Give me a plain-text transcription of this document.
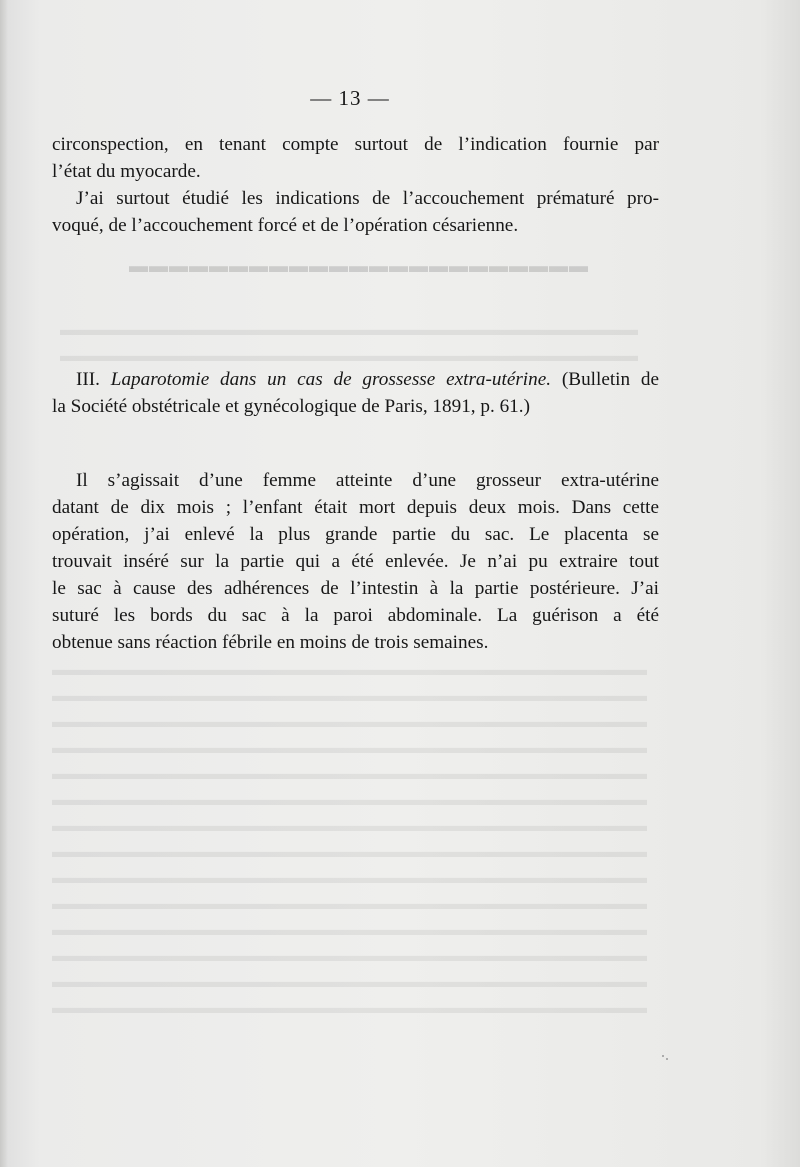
▬▬▬▬▬▬▬▬▬▬▬▬▬▬▬▬▬▬▬▬▬▬▬
▬▬▬▬▬▬▬▬▬▬▬▬▬▬▬▬▬▬▬▬▬▬▬▬▬▬▬▬▬▬▬▬▬▬
▬▬▬▬▬▬▬▬▬▬▬▬▬▬▬▬▬▬▬▬▬▬▬▬▬▬▬▬▬▬▬▬▬▬
▬▬▬▬▬▬▬▬▬▬▬▬▬▬▬▬▬▬▬▬▬▬▬▬▬▬▬▬▬▬▬▬▬▬▬
▬▬▬▬▬▬▬▬▬▬▬▬▬▬▬▬▬▬▬▬▬▬▬▬▬▬▬▬▬▬▬▬▬▬▬
▬▬▬▬▬▬▬▬▬▬▬▬▬▬▬▬▬▬▬▬▬▬▬▬▬▬▬▬▬▬▬▬▬▬▬
▬▬▬▬▬▬▬▬▬▬▬▬▬▬▬▬▬▬▬▬▬▬▬▬▬▬▬▬▬▬▬▬▬▬▬
▬▬▬▬▬▬▬▬▬▬▬▬▬▬▬▬▬▬▬▬▬▬▬▬▬▬▬▬▬▬▬▬▬▬▬
▬▬▬▬▬▬▬▬▬▬▬▬▬▬▬▬▬▬▬▬▬▬▬▬▬▬▬▬▬▬▬▬▬▬▬
▬▬▬▬▬▬▬▬▬▬▬▬▬▬▬▬▬▬▬▬▬▬▬▬▬▬▬▬▬▬▬▬▬▬▬
▬▬▬▬▬▬▬▬▬▬▬▬▬▬▬▬▬▬▬▬▬▬▬▬▬▬▬▬▬▬▬▬▬▬▬
▬▬▬▬▬▬▬▬▬▬▬▬▬▬▬▬▬▬▬▬▬▬▬▬▬▬▬▬▬▬▬▬▬▬▬
▬▬▬▬▬▬▬▬▬▬▬▬▬▬▬▬▬▬▬▬▬▬▬▬▬▬▬▬▬▬▬▬▬▬▬
▬▬▬▬▬▬▬▬▬▬▬▬▬▬▬▬▬▬▬▬▬▬▬▬▬▬▬▬▬▬▬▬▬▬▬
▬▬▬▬▬▬▬▬▬▬▬▬▬▬▬▬▬▬▬▬▬▬▬▬▬▬▬▬▬▬▬▬▬▬▬
▬▬▬▬▬▬▬▬▬▬▬▬▬▬▬▬▬▬▬▬▬▬▬▬▬▬▬▬▬▬▬▬▬▬▬
▬▬▬▬▬▬▬▬▬▬▬▬▬▬▬▬▬▬▬▬▬▬▬▬▬▬▬▬▬▬▬▬▬▬▬
— 13 —
circonspection, en tenant compte surtout de l’indication fournie par
l’état du myocarde.
J’ai surtout étudié les indications de l’accouchement prématuré pro-
voqué, de l’accouchement forcé et de l’opération césarienne.
III. Laparotomie dans un cas de grossesse extra-utérine. (Bulletin de
la Société obstétricale et gynécologique de Paris, 1891, p. 61.)
Il s’agissait d’une femme atteinte d’une grosseur extra-utérine
datant de dix mois ; l’enfant était mort depuis deux mois. Dans cette
opération, j’ai enlevé la plus grande partie du sac. Le placenta se
trouvait inséré sur la partie qui a été enlevée. Je n’ai pu extraire tout
le sac à cause des adhérences de l’intestin à la partie postérieure. J’ai
suturé les bords du sac à la paroi abdominale. La guérison a été
obtenue sans réaction fébrile en moins de trois semaines.
